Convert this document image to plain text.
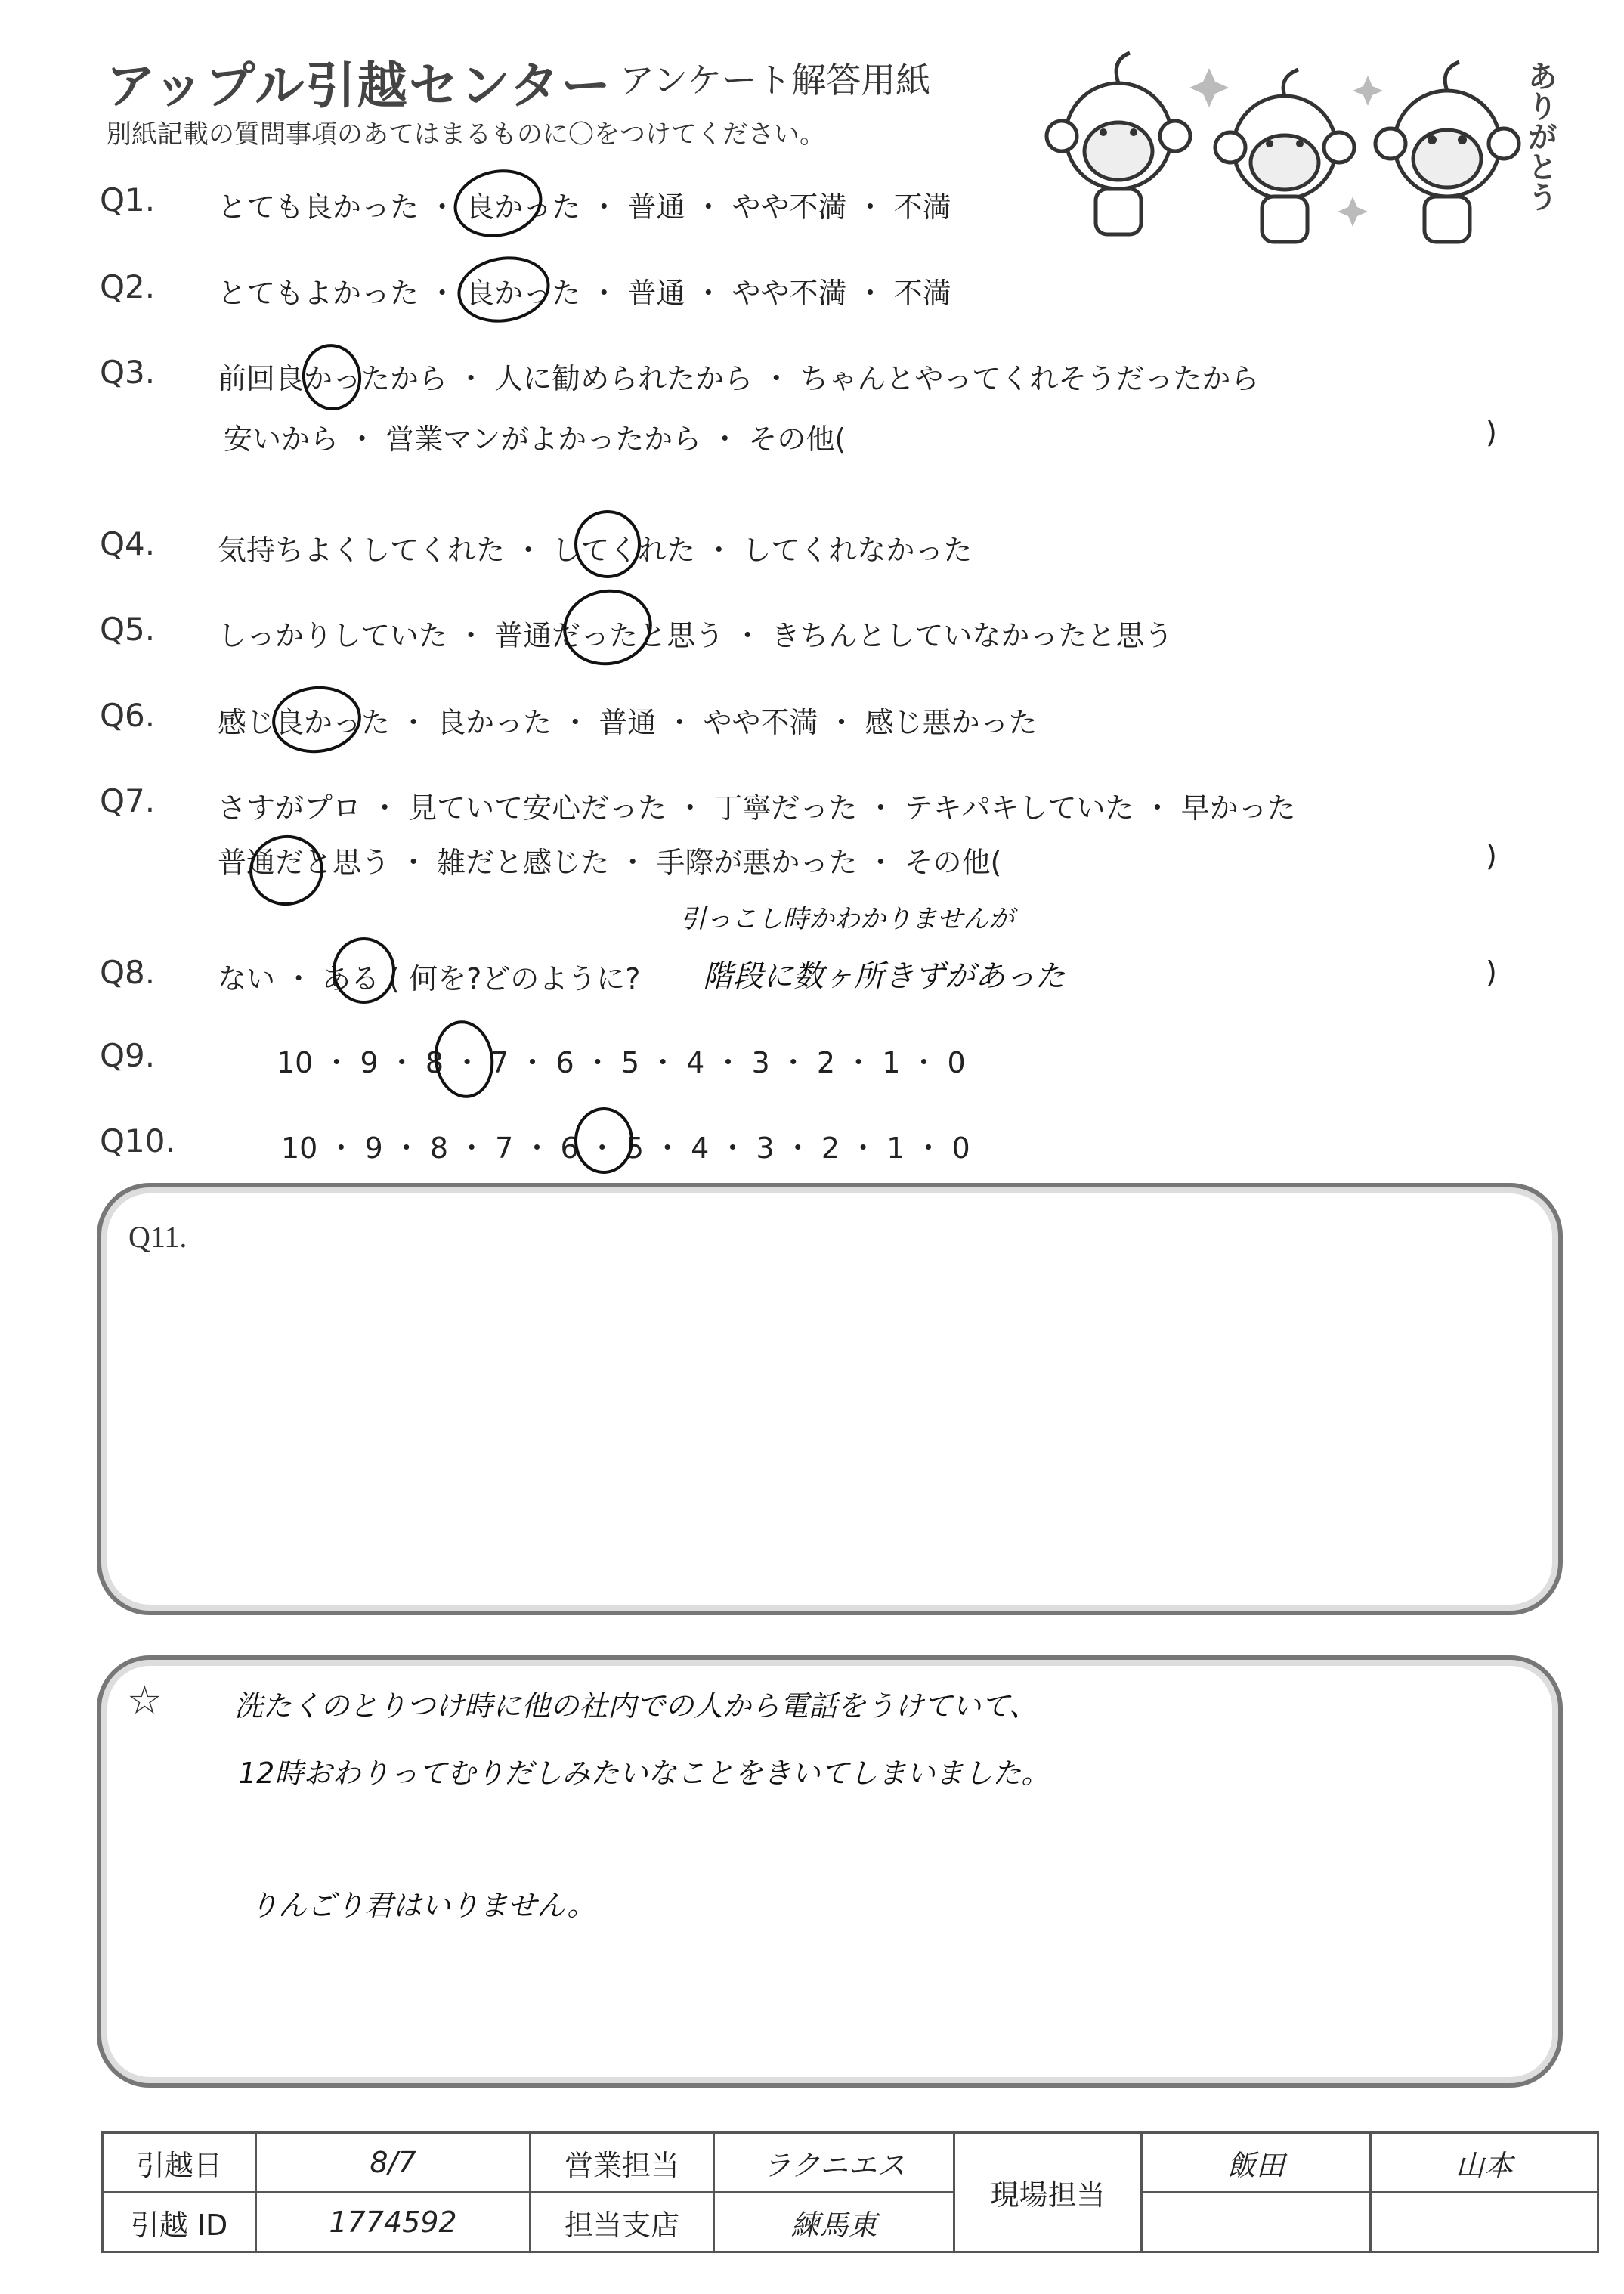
アップル引越センター アンケート解答用紙
別紙記載の質問事項のあてはまるものに〇をつけてください。	ありがとう
Q1. とても良かった ・ 良かった ・ 普通 ・ やや不満 ・ 不満
Q2. とてもよかった ・ 良かった ・ 普通 ・ やや不満 ・ 不満
Q3. 前回良かったから ・ 人に勧められたから ・ ちゃんとやってくれそうだったから
安いから ・ 営業マンがよかったから ・ その他(	)
Q4. 気持ちよくしてくれた ・ してくれた ・ してくれなかった
Q5. しっかりしていた ・ 普通だったと思う ・ きちんとしていなかったと思う
Q6. 感じ良かった ・ 良かった ・ 普通 ・ やや不満 ・ 感じ悪かった
Q7. さすがプロ ・ 見ていて安心だった ・ 丁寧だった ・ テキパキしていた ・ 早かった
普通だと思う ・ 雑だと感じた ・ 手際が悪かった ・ その他(	)
Q8. ない ・ ある ( 何を?どのように?	)
引っこし時かわかりませんが
階段に数ヶ所きずがあった
Q9.	10 ・ 9 ・ 8 ・ 7 ・ 6 ・ 5 ・ 4 ・ 3 ・ 2 ・ 1 ・ 0
Q10.	10 ・ 9 ・ 8 ・ 7 ・ 6 ・ 5 ・ 4 ・ 3 ・ 2 ・ 1 ・ 0
Q11.
☆	洗たくのとりつけ時に他の社内での人から電話をうけていて、
12時おわりってむりだしみたいなことをきいてしまいました。
りんごり君はいりません。
引越日	8/7	営業担当	ラクニエス	現場担当	飯田	山本
引越 ID	1774592	担当支店	練馬東			
